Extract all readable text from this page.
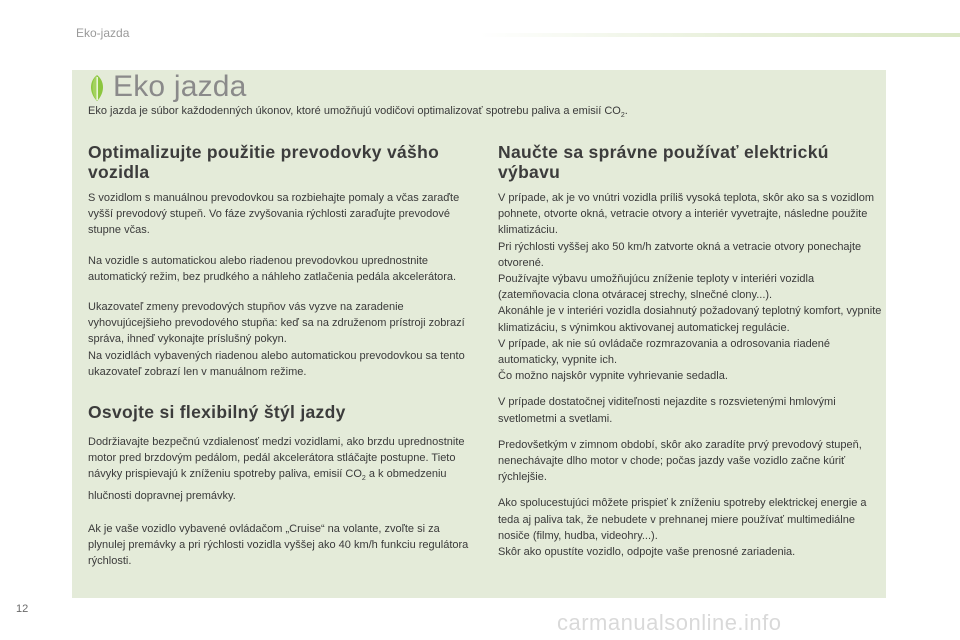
Eko-jazda
Eko jazda

Eko jazda je súbor každodenných úkonov, ktoré umožňujú vodičovi optimalizovať spotrebu paliva a emisií $CO_2$.

Optimalizujte použitie prevodovky vášho vozidla

S vozidlom s manuálnou prevodovkou sa rozbiehajte pomaly a včas zaraďte vyšší prevodový stupeň. Vo fáze zvyšovania rýchlosti zaraďujte prevodové stupne včas.

Na vozidle s automatickou alebo riadenou prevodovkou uprednostnite automatický režim, bez prudkého a náhleho zatlačenia pedála akcelerátora.

Ukazovateľ zmeny prevodových stupňov vás vyzve na zaradenie vyhovujúcejšieho prevodového stupňa: keď sa na združenom prístroji zobrazí správa, ihneď vykonajte príslušný pokyn.

Na vozidlách vybavených riadenou alebo automatickou prevodovkou sa tento ukazovateľ zobrazí len v manuálnom režime.

Osvojte si flexibilný štýl jazdy

Dodržiavajte bezpečnú vzdialenosť medzi vozidlami, ako brzdu uprednostnite motor pred brzdovým pedálom, pedál akcelerátora stláčajte postupne. Tieto návyky prispievajú k zníženiu spotreby paliva, emisií $CO_2$ a k obmedzeniu hlučnosti dopravnej premávky.

Ak je vaše vozidlo vybavené ovládačom „Cruise“ na volante, zvoľte si za plynulej premávky a pri rýchlosti vozidla vyššej ako 40 km/h funkciu regulátora rýchlosti.

Naučte sa správne používať elektrickú výbavu

V prípade, ak je vo vnútri vozidla príliš vysoká teplota, skôr ako sa s vozidlom pohnete, otvorte okná, vetracie otvory a interiér vyvetrajte, následne použite klimatizáciu.

Pri rýchlosti vyššej ako 50 km/h zatvorte okná a vetracie otvory ponechajte otvorené.

Používajte výbavu umožňujúcu zníženie teploty v interiéri vozidla (zatemňovacia clona otváracej strechy, slnečné clony...).

Akonáhle je v interiéri vozidla dosiahnutý požadovaný teplotný komfort, vypnite klimatizáciu, s výnimkou aktivovanej automatickej regulácie.

V prípade, ak nie sú ovládače rozmrazovania a odrosovania riadené automaticky, vypnite ich.

Čo možno najskôr vypnite vyhrievanie sedadla.

V prípade dostatočnej viditeľnosti nejazdite s rozsvietenými hmlovými svetlometmi a svetlami.

Predovšetkým v zimnom období, skôr ako zaradíte prvý prevodový stupeň, nenechávajte dlho motor v chode; počas jazdy vaše vozidlo začne kúriť rýchlejšie.

Ako spolucestujúci môžete prispieť k zníženiu spotreby elektrickej energie a teda aj paliva tak, že nebudete v prehnanej miere používať multimediálne nosiče (filmy, hudba, videohry...).

Skôr ako opustíte vozidlo, odpojte vaše prenosné zariadenia.

12
carmanualsonline.info
